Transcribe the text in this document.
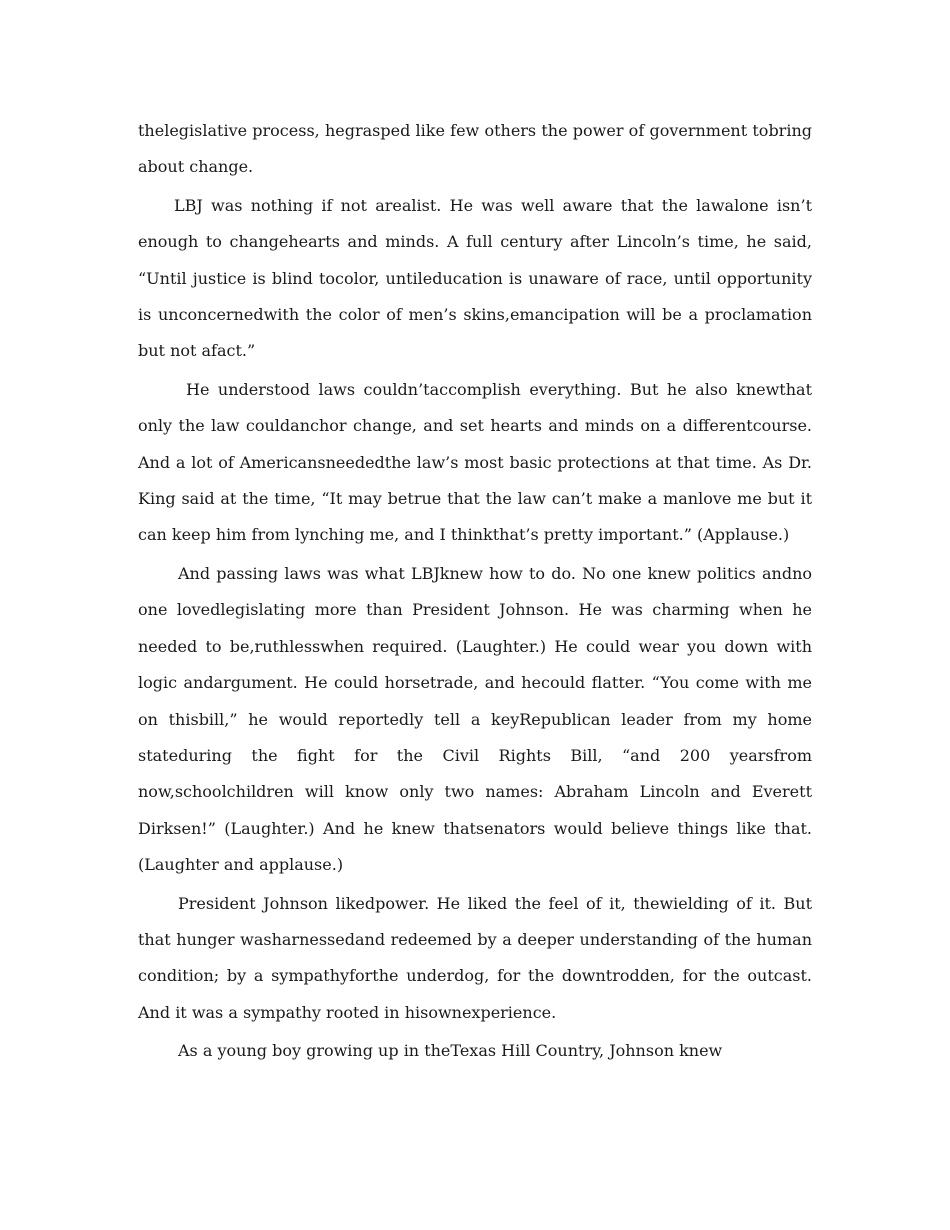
thelegislative process, hegrasped like few others the power of government tobring about change.

LBJ was nothing if not arealist. He was well aware that the lawalone isn’t enough to changehearts and minds. A full century after Lincoln’s time, he said, “Until justice is blind tocolor, untileducation is unaware of race, until opportunity is unconcernedwith the color of men’s skins,emancipation will be a proclamation but not afact.”

He understood laws couldn’taccomplish everything. But he also knewthat only the law couldanchor change, and set hearts and minds on a differentcourse. And a lot of Americansneededthe law’s most basic protections at that time. As Dr. King said at the time, “It may betrue that the law can’t make a manlove me but it can keep him from lynching me, and I thinkthat’s pretty important.” (Applause.)

And passing laws was what LBJknew how to do. No one knew politics andno one lovedlegislating more than President Johnson. He was charming when he needed to be,ruthlesswhen required. (Laughter.) He could wear you down with logic andargument. He could horsetrade, and hecould flatter. “You come with me on thisbill,” he would reportedly tell a keyRepublican leader from my home stateduring the fight for the Civil Rights Bill, “and 200 yearsfrom now,schoolchildren will know only two names: Abraham Lincoln and Everett Dirksen!” (Laughter.) And he knew thatsenators would believe things like that. (Laughter and applause.)

President Johnson likedpower. He liked the feel of it, thewielding of it. But that hunger washarnessedand redeemed by a deeper understanding of the human condition; by a sympathyforthe underdog, for the downtrodden, for the outcast. And it was a sympathy rooted in hisownexperience.

As a young boy growing up in theTexas Hill Country, Johnson knew
